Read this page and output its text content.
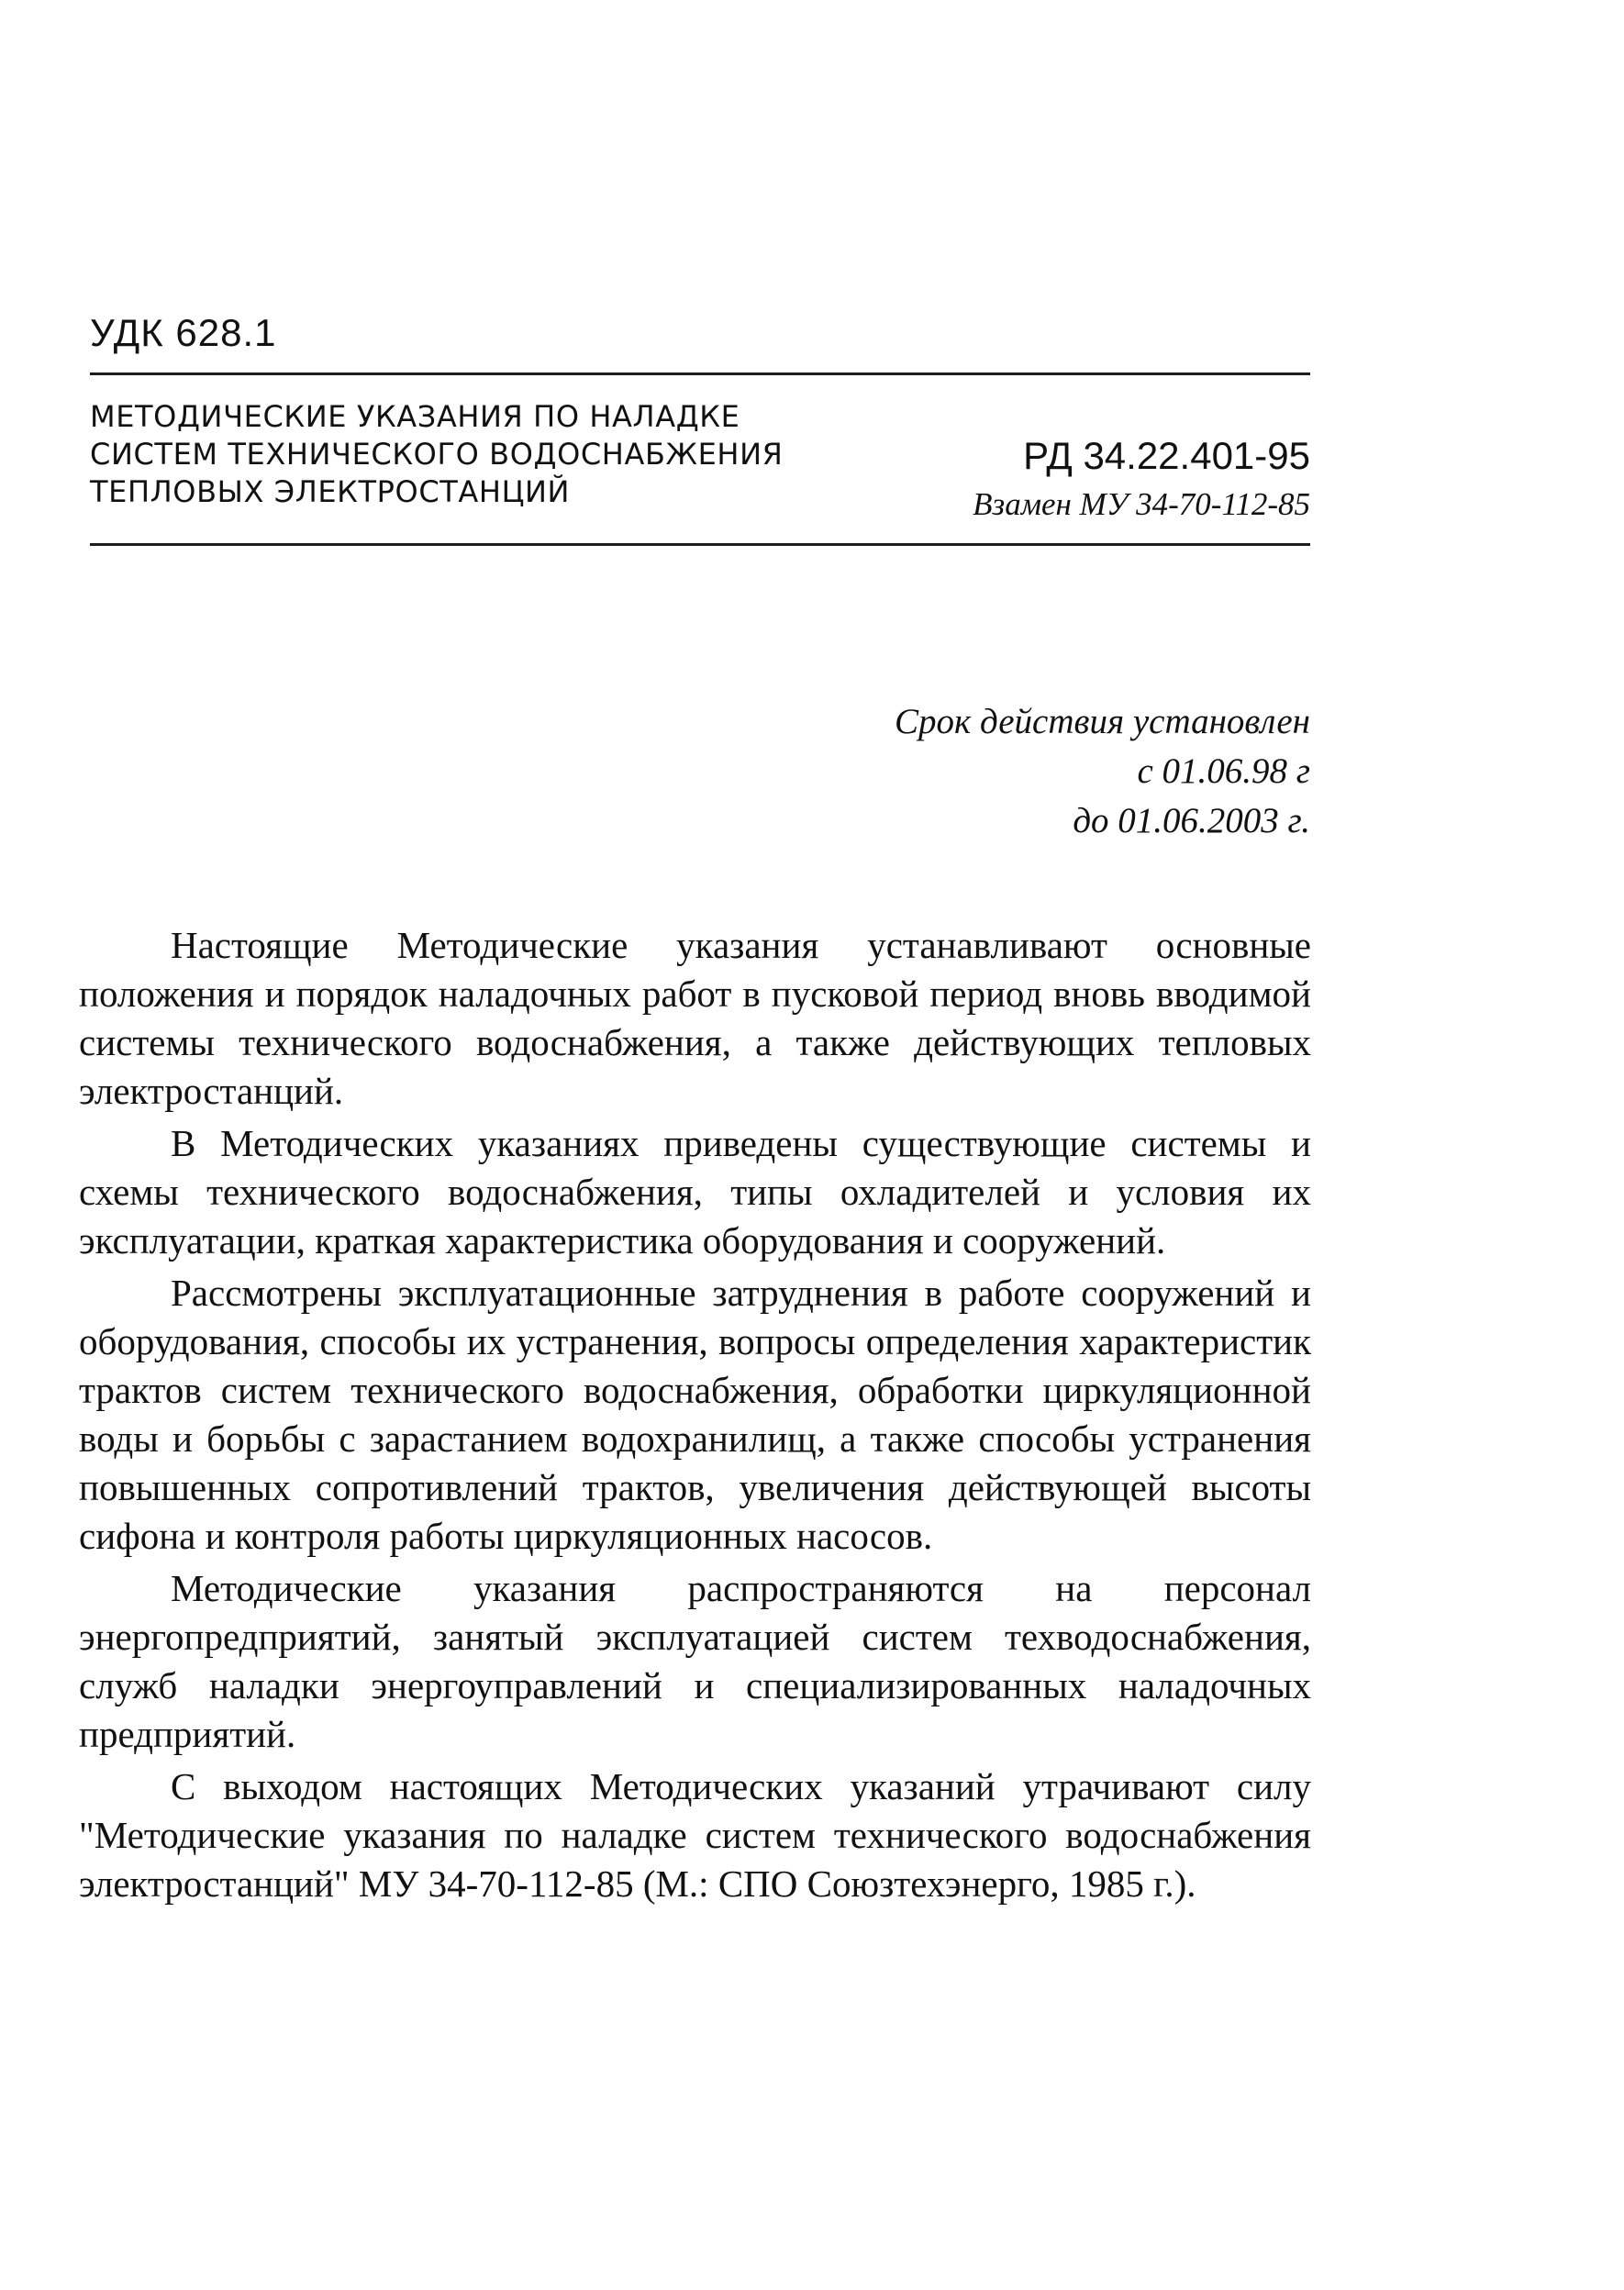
УДК 628.1
МЕТОДИЧЕСКИЕ УКАЗАНИЯ ПО НАЛАДКЕ
СИСТЕМ ТЕХНИЧЕСКОГО ВОДОСНАБЖЕНИЯ
ТЕПЛОВЫХ ЭЛЕКТРОСТАНЦИЙ
РД 34.22.401-95
Взамен МУ 34-70-112-85
Срок действия установлен
с 01.06.98 г
до 01.06.2003 г.

Настоящие Методические указания устанавливают основные положения и порядок наладочных работ в пусковой период вновь вводимой системы технического водоснабжения, а также действующих тепловых электростанций.

В Методических указаниях приведены существующие системы и схемы технического водоснабжения, типы охладителей и условия их эксплуатации, краткая характеристика оборудования и сооружений.

Рассмотрены эксплуатационные затруднения в работе сооружений и оборудования, способы их устранения, вопросы определения характеристик трактов систем технического водоснабжения, обработки циркуляционной воды и борьбы с зарастанием водохранилищ, а также способы устранения повышенных сопротивлений трактов, увеличения действующей высоты сифона и контроля работы циркуляционных насосов.

Методические указания распространяются на персонал энергопредприятий, занятый эксплуатацией систем техводоснабжения, служб наладки энергоуправлений и специализированных наладочных предприятий.

С выходом настоящих Методических указаний утрачивают силу "Методические указания по наладке систем технического водоснабжения электростанций" МУ 34-70-112-85 (М.: СПО Союзтехэнерго, 1985 г.).
